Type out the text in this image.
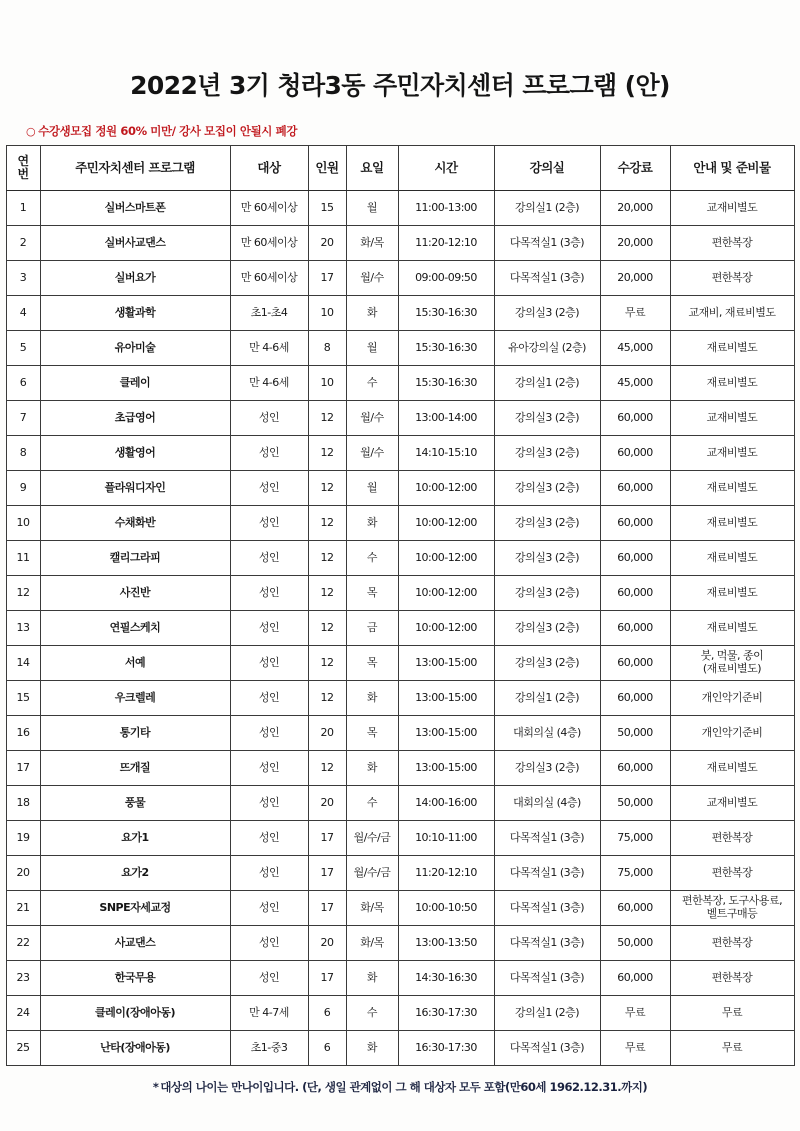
2022년 3기 청라3동 주민자치센터 프로그램 (안)
○ 수강생모집 정원 60% 미만/ 강사 모집이 안될시 폐강
연
번	주민자치센터 프로그램	대상	인원	요일	시간	강의실	수강료	안내 및 준비물
1	실버스마트폰	만 60세이상	15	월	11:00-13:00	강의실1 (2층)	20,000	교재비별도
2	실버사교댄스	만 60세이상	20	화/목	11:20-12:10	다목적실1 (3층)	20,000	편한복장
3	실버요가	만 60세이상	17	월/수	09:00-09:50	다목적실1 (3층)	20,000	편한복장
4	생활과학	초1-초4	10	화	15:30-16:30	강의실3 (2층)	무료	교재비, 재료비별도
5	유아미술	만 4-6세	8	월	15:30-16:30	유아강의실 (2층)	45,000	재료비별도
6	클레이	만 4-6세	10	수	15:30-16:30	강의실1 (2층)	45,000	재료비별도
7	초급영어	성인	12	월/수	13:00-14:00	강의실3 (2층)	60,000	교재비별도
8	생활영어	성인	12	월/수	14:10-15:10	강의실3 (2층)	60,000	교재비별도
9	플라워디자인	성인	12	월	10:00-12:00	강의실3 (2층)	60,000	재료비별도
10	수채화반	성인	12	화	10:00-12:00	강의실3 (2층)	60,000	재료비별도
11	캘리그라피	성인	12	수	10:00-12:00	강의실3 (2층)	60,000	재료비별도
12	사진반	성인	12	목	10:00-12:00	강의실3 (2층)	60,000	재료비별도
13	연필스케치	성인	12	금	10:00-12:00	강의실3 (2층)	60,000	재료비별도
14	서예	성인	12	목	13:00-15:00	강의실3 (2층)	60,000	붓, 먹물, 종이(재료비별도)
15	우크렐레	성인	12	화	13:00-15:00	강의실1 (2층)	60,000	개인악기준비
16	통기타	성인	20	목	13:00-15:00	대회의실 (4층)	50,000	개인악기준비
17	뜨개질	성인	12	화	13:00-15:00	강의실3 (2층)	60,000	재료비별도
18	풍물	성인	20	수	14:00-16:00	대회의실 (4층)	50,000	교재비별도
19	요가1	성인	17	월/수/금	10:10-11:00	다목적실1 (3층)	75,000	편한복장
20	요가2	성인	17	월/수/금	11:20-12:10	다목적실1 (3층)	75,000	편한복장
21	SNPE자세교정	성인	17	화/목	10:00-10:50	다목적실1 (3층)	60,000	편한복장, 도구사용료, 벨트구매등
22	사교댄스	성인	20	화/목	13:00-13:50	다목적실1 (3층)	50,000	편한복장
23	한국무용	성인	17	화	14:30-16:30	다목적실1 (3층)	60,000	편한복장
24	클레이(장애아동)	만 4-7세	6	수	16:30-17:30	강의실1 (2층)	무료	무료
25	난타(장애아동)	초1-중3	6	화	16:30-17:30	다목적실1 (3층)	무료	무료
* 대상의 나이는 만나이입니다. (단, 생일 관계없이 그 해 대상자 모두 포함(만60세 1962.12.31.까지)
